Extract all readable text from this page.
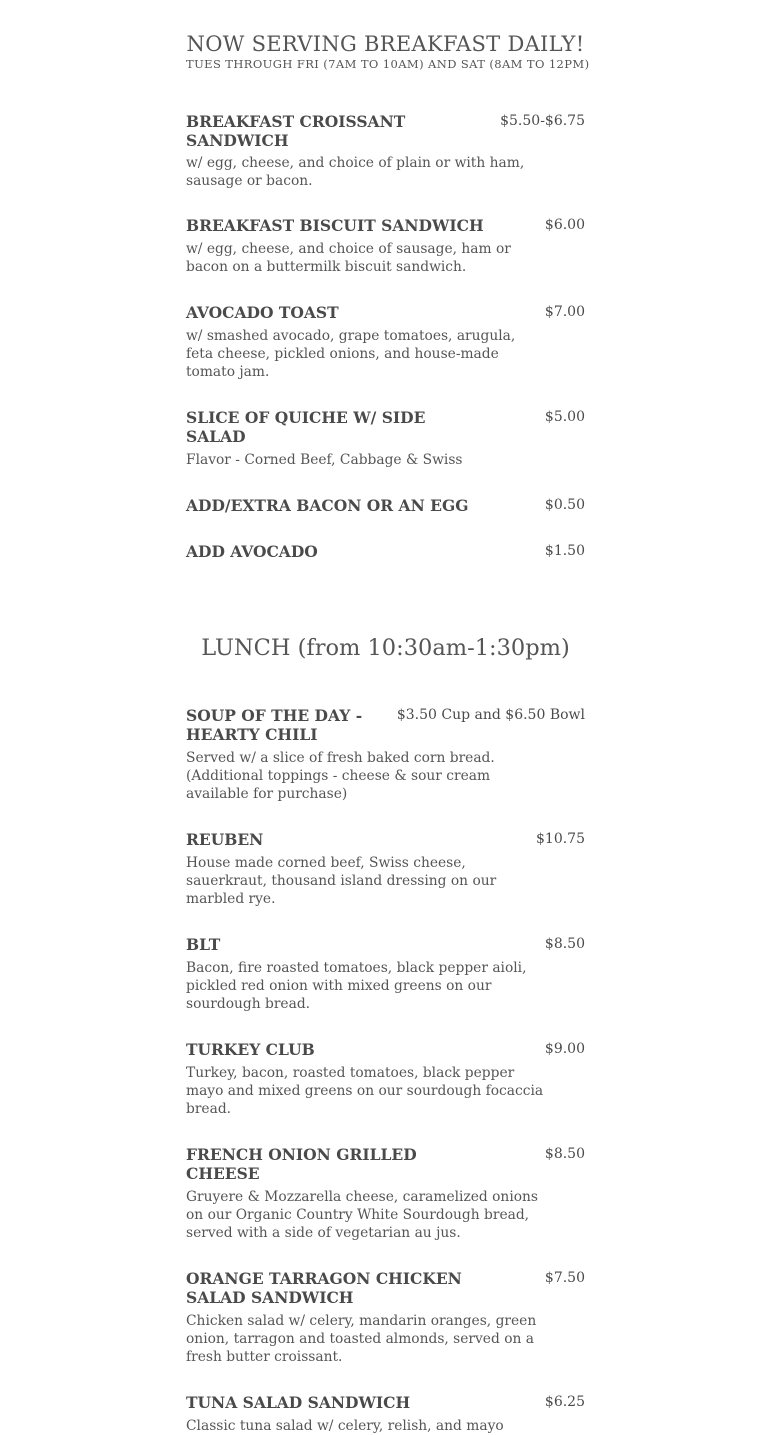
NOW SERVING BREAKFAST DAILY!
TUES THROUGH FRI (7AM TO 10AM) AND SAT (8AM TO 12PM)
BREAKFAST CROISSANT SANDWICH
$5.50-$6.75
w/ egg, cheese, and choice of plain or with ham, sausage or bacon.
BREAKFAST BISCUIT SANDWICH	$6.00
w/ egg, cheese, and choice of sausage, ham or bacon on a buttermilk biscuit sandwich.
AVOCADO TOAST	$7.00
w/ smashed avocado, grape tomatoes, arugula, feta cheese, pickled onions, and house-made tomato jam.
SLICE OF QUICHE W/ SIDE SALAD
$5.00
Flavor - Corned Beef, Cabbage & Swiss
ADD/EXTRA BACON OR AN EGG	$0.50
ADD AVOCADO	$1.50
LUNCH (from 10:30am-1:30pm)
SOUP OF THE DAY - HEARTY CHILI
$3.50 Cup and $6.50 Bowl
Served w/ a slice of fresh baked corn bread. (Additional toppings - cheese & sour cream available for purchase)
REUBEN	$10.75
House made corned beef, Swiss cheese, sauerkraut, thousand island dressing on our marbled rye.
BLT	$8.50
Bacon, fire roasted tomatoes, black pepper aioli, pickled red onion with mixed greens on our sourdough bread.
TURKEY CLUB	$9.00
Turkey, bacon, roasted tomatoes, black pepper mayo and mixed greens on our sourdough focaccia bread.
FRENCH ONION GRILLED CHEESE
$8.50
Gruyere & Mozzarella cheese, caramelized onions on our Organic Country White Sourdough bread, served with a side of vegetarian au jus.
ORANGE TARRAGON CHICKEN SALAD SANDWICH
$7.50
Chicken salad w/ celery, mandarin oranges, green onion, tarragon and toasted almonds, served on a fresh butter croissant.
TUNA SALAD SANDWICH	$6.25
Classic tuna salad w/ celery, relish, and mayo
